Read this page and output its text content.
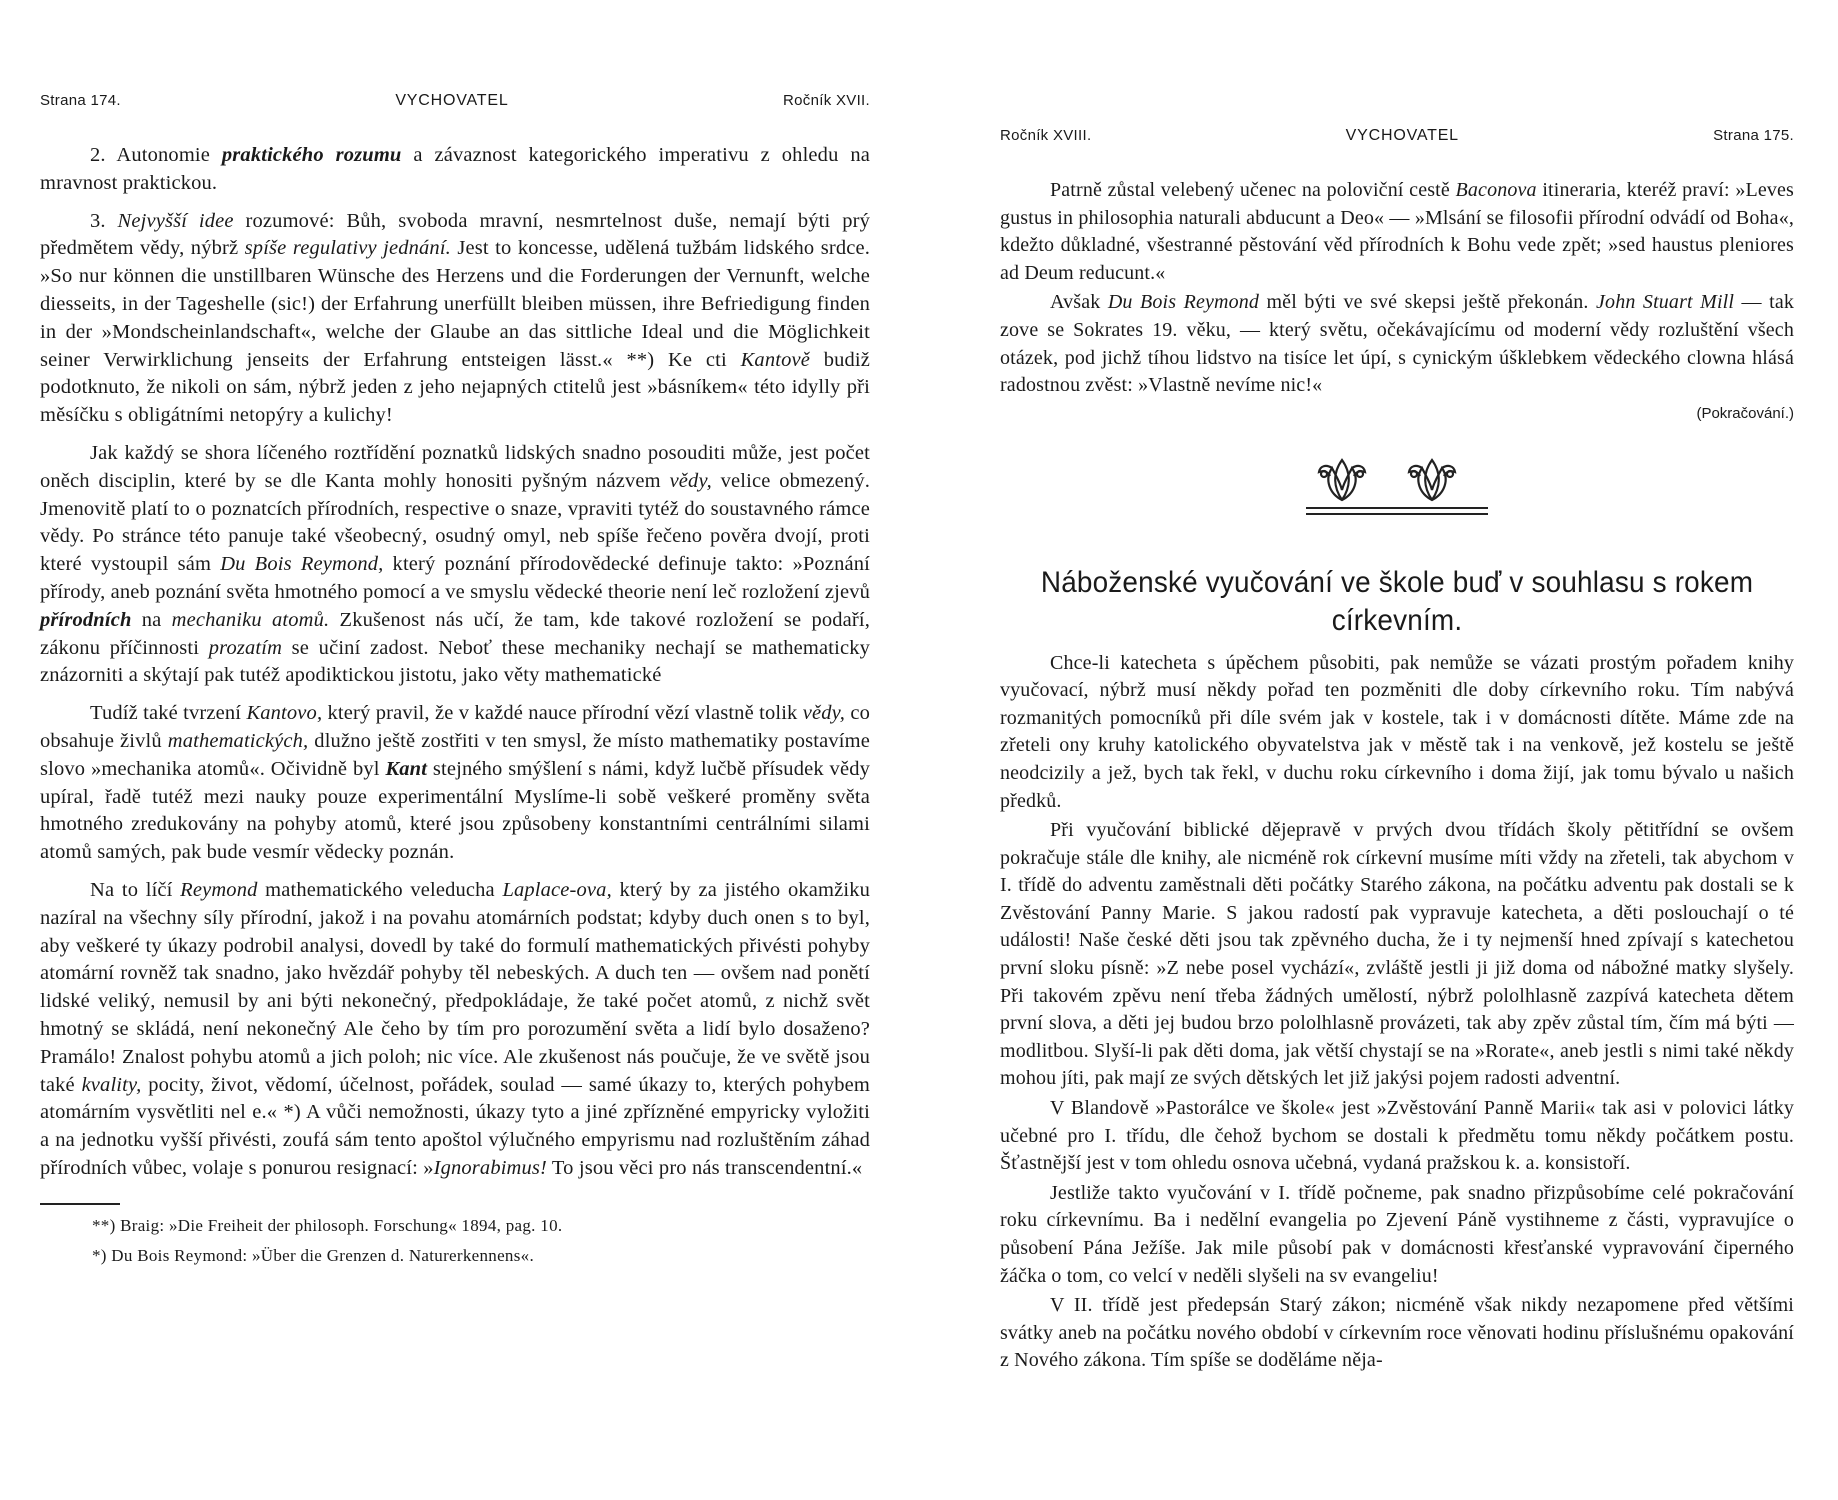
Strana 174.	VYCHOVATEL	Ročník XVII.

2. Autonomie praktického rozumu a závaznost kategorického imperativu z ohledu na mravnost praktickou.

3. Nejvyšší idee rozumové: Bůh, svoboda mravní, nesmrtelnost duše, nemají býti prý předmětem vědy, nýbrž spíše regulativy jednání. Jest to koncesse, udělená tužbám lidského srdce. »So nur können die unstillbaren Wünsche des Herzens und die Forderungen der Vernunft, welche diesseits, in der Tageshelle (sic!) der Erfahrung unerfüllt bleiben müssen, ihre Befriedigung finden in der »Mondscheinlandschaft«, welche der Glaube an das sittliche Ideal und die Möglichkeit seiner Verwirklichung jenseits der Erfahrung entsteigen lässt.« **) Ke cti Kantově budiž podotknuto, že nikoli on sám, nýbrž jeden z jeho nejapných ctitelů jest »básníkem« této idylly při měsíčku s obligátními netopýry a kulichy!

Jak každý se shora líčeného roztřídění poznatků lidských snadno posouditi může, jest počet oněch disciplin, které by se dle Kanta mohly honositi pyšným názvem vědy, velice obmezený. Jmenovitě platí to o poznatcích přírodních, respective o snaze, vpraviti tytéž do soustavného rámce vědy. Po stránce této panuje také všeobecný, osudný omyl, neb spíše řečeno pověra dvojí, proti které vystoupil sám Du Bois Reymond, který poznání přírodovědecké definuje takto: »Poznání přírody, aneb poznání světa hmotného pomocí a ve smyslu vědecké theorie není leč rozložení zjevů přírodních na mechaniku atomů. Zkušenost nás učí, že tam, kde takové rozložení se podaří, zákonu příčinnosti prozatím se učiní zadost. Neboť these mechaniky nechají se mathematicky znázorniti a skýtají pak tutéž apodiktickou jistotu, jako věty mathematické

Tudíž také tvrzení Kantovo, který pravil, že v každé nauce přírodní vězí vlastně tolik vědy, co obsahuje živlů mathematických, dlužno ještě zostřiti v ten smysl, že místo mathematiky postavíme slovo »mechanika atomů«. Očividně byl Kant stejného smýšlení s námi, když lučbě přísudek vědy upíral, řadě tutéž mezi nauky pouze experimentální Myslíme-li sobě veškeré proměny světa hmotného zredukovány na pohyby atomů, které jsou způsobeny konstantními centrálními silami atomů samých, pak bude vesmír vědecky poznán.

Na to líčí Reymond mathematického veleducha Laplace-ova, který by za jistého okamžiku nazíral na všechny síly přírodní, jakož i na povahu atomárních podstat; kdyby duch onen s to byl, aby veškeré ty úkazy podrobil analysi, dovedl by také do formulí mathematických přivésti pohyby atomární rovněž tak snadno, jako hvězdář pohyby těl nebeských. A duch ten — ovšem nad ponětí lidské veliký, nemusil by ani býti nekonečný, předpokládaje, že také počet atomů, z nichž svět hmotný se skládá, není nekonečný Ale čeho by tím pro porozumění světa a lidí bylo dosaženo? Pramálo! Znalost pohybu atomů a jich poloh; nic více. Ale zkušenost nás poučuje, že ve světě jsou také kvality, pocity, život, vědomí, účelnost, pořádek, soulad — samé úkazy to, kterých pohybem atomárním vysvětliti nel e.« *) A vůči nemožnosti, úkazy tyto a jiné zpřízněné empyricky vyložiti a na jednotku vyšší přivésti, zoufá sám tento apoštol výlučného empyrismu nad rozluštěním záhad přírodních vůbec, volaje s ponurou resignací: »Ignorabimus! To jsou věci pro nás transcendentní.«

**) Braig: »Die Freiheit der philosoph. Forschung« 1894, pag. 10.

*) Du Bois Reymond: »Über die Grenzen d. Naturerkennens«.

Ročník XVIII.	VYCHOVATEL	Strana 175.

Patrně zůstal velebený učenec na poloviční cestě Baconova itineraria, kteréž praví: »Leves gustus in philosophia naturali abducunt a Deo« — »Mlsání se filosofii přírodní odvádí od Boha«, kdežto důkladné, všestranné pěstování věd přírodních k Bohu vede zpět; »sed haustus pleniores ad Deum reducunt.«

Avšak Du Bois Reymond měl býti ve své skepsi ještě překonán. John Stuart Mill — tak zove se Sokrates 19. věku, — který světu, očekávajícímu od moderní vědy rozluštění všech otázek, pod jichž tíhou lidstvo na tisíce let úpí, s cynickým úšklebkem vědeckého clowna hlásá radostnou zvěst: »Vlastně nevíme nic!«

(Pokračování.)
Náboženské vyučování ve škole buď v souhlasu s rokem církevním.

Chce-li katecheta s úpěchem působiti, pak nemůže se vázati prostým pořadem knihy vyučovací, nýbrž musí někdy pořad ten pozměniti dle doby církevního roku. Tím nabývá rozmanitých pomocníků při díle svém jak v kostele, tak i v domácnosti dítěte. Máme zde na zřeteli ony kruhy katolického obyvatelstva jak v městě tak i na venkově, jež kostelu se ještě neodcizily a jež, bych tak řekl, v duchu roku církevního i doma žijí, jak tomu bývalo u našich předků.

Při vyučování biblické dějepravě v prvých dvou třídách školy pětitřídní se ovšem pokračuje stále dle knihy, ale nicméně rok církevní musíme míti vždy na zřeteli, tak abychom v I. třídě do adventu zaměstnali děti počátky Starého zákona, na počátku adventu pak dostali se k Zvěstování Panny Marie. S jakou radostí pak vypravuje katecheta, a děti poslouchají o té události! Naše české děti jsou tak zpěvného ducha, že i ty nejmenší hned zpívají s katechetou první sloku písně: »Z nebe posel vychází«, zvláště jestli ji již doma od nábožné matky slyšely. Při takovém zpěvu není třeba žádných umělostí, nýbrž pololhlasně zazpívá katecheta dětem první slova, a děti jej budou brzo pololhlasně provázeti, tak aby zpěv zůstal tím, čím má býti — modlitbou. Slyší-li pak děti doma, jak větší chystají se na »Rorate«, aneb jestli s nimi také někdy mohou jíti, pak mají ze svých dětských let již jakýsi pojem radosti adventní.

V Blandově »Pastorálce ve škole« jest »Zvěstování Panně Marii« tak asi v polovici látky učebné pro I. třídu, dle čehož bychom se dostali k předmětu tomu někdy počátkem postu. Šťastnější jest v tom ohledu osnova učebná, vydaná pražskou k. a. konsistoří.

Jestliže takto vyučování v I. třídě počneme, pak snadno přizpůsobíme celé pokračování roku církevnímu. Ba i nedělní evangelia po Zjevení Páně vystihneme z části, vypravujíce o působení Pána Ježíše. Jak mile působí pak v domácnosti křesťanské vypravování čiperného žáčka o tom, co velcí v neděli slyšeli na sv evangeliu!

V II. třídě jest předepsán Starý zákon; nicméně však nikdy nezapomene před většími svátky aneb na počátku nového období v církevním roce věnovati hodinu příslušnému opakování z Nového zákona. Tím spíše se dodělámе něja-
